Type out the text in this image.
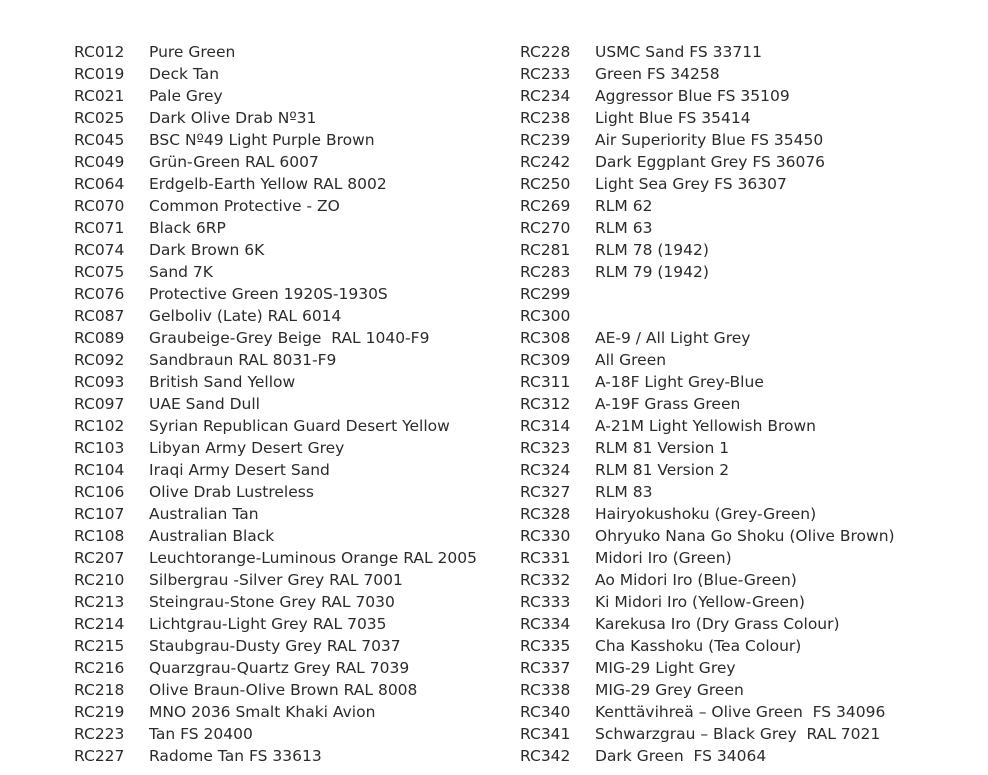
RC012	Pure Green
RC019	Deck Tan
RC021	Pale Grey
RC025	Dark Olive Drab Nº31
RC045	BSC Nº49 Light Purple Brown
RC049	Grün-Green RAL 6007
RC064	Erdgelb-Earth Yellow RAL 8002
RC070	Common Protective - ZO
RC071	Black 6RP
RC074	Dark Brown 6K
RC075	Sand 7K
RC076	Protective Green 1920S-1930S
RC087	Gelboliv (Late) RAL 6014
RC089	Graubeige-Grey Beige  RAL 1040-F9
RC092	Sandbraun RAL 8031-F9
RC093	British Sand Yellow
RC097	UAE Sand Dull
RC102	Syrian Republican Guard Desert Yellow
RC103	Libyan Army Desert Grey
RC104	Iraqi Army Desert Sand
RC106	Olive Drab Lustreless
RC107	Australian Tan
RC108	Australian Black
RC207	Leuchtorange-Luminous Orange RAL 2005
RC210	Silbergrau -Silver Grey RAL 7001
RC213	Steingrau-Stone Grey RAL 7030
RC214	Lichtgrau-Light Grey RAL 7035
RC215	Staubgrau-Dusty Grey RAL 7037
RC216	Quarzgrau-Quartz Grey RAL 7039
RC218	Olive Braun-Olive Brown RAL 8008
RC219	MNO 2036 Smalt Khaki Avion
RC223	Tan FS 20400
RC227	Radome Tan FS 33613
RC228	USMC Sand FS 33711
RC233	Green FS 34258
RC234	Aggressor Blue FS 35109
RC238	Light Blue FS 35414
RC239	Air Superiority Blue FS 35450
RC242	Dark Eggplant Grey FS 36076
RC250	Light Sea Grey FS 36307
RC269	RLM 62
RC270	RLM 63
RC281	RLM 78 (1942)
RC283	RLM 79 (1942)
RC299
RC300
RC308	AE-9 / All Light Grey
RC309	All Green
RC311	A-18F Light Grey-Blue
RC312	A-19F Grass Green
RC314	A-21M Light Yellowish Brown
RC323	RLM 81 Version 1
RC324	RLM 81 Version 2
RC327	RLM 83
RC328	Hairyokushoku (Grey-Green)
RC330	Ohryuko Nana Go Shoku (Olive Brown)
RC331	Midori Iro (Green)
RC332	Ao Midori Iro (Blue-Green)
RC333	Ki Midori Iro (Yellow-Green)
RC334	Karekusa Iro (Dry Grass Colour)
RC335	Cha Kasshoku (Tea Colour)
RC337	MIG-29 Light Grey
RC338	MIG-29 Grey Green
RC340	Kenttävihreä – Olive Green  FS 34096
RC341	Schwarzgrau – Black Grey  RAL 7021
RC342	Dark Green  FS 34064
